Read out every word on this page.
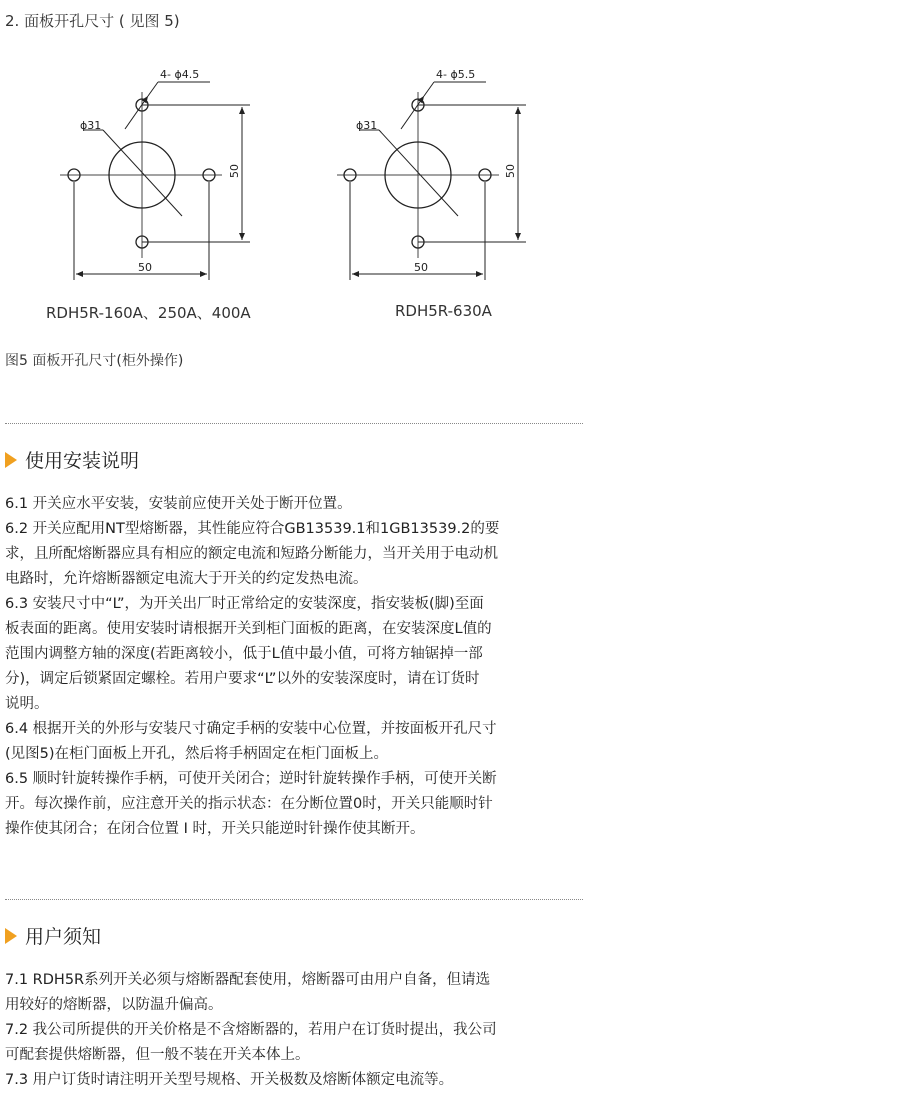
2. 面板开孔尺寸 ( 见图 5)
4- ϕ4.5
ϕ31
50
50
4- ϕ5.5
ϕ31
50
50
RDH5R-160A、250A、400A	RDH5R-630A
图5 面板开孔尺寸(柜外操作)
使用安装说明
6.1 开关应水平安装，安装前应使开关处于断开位置。
6.2 开关应配用NT型熔断器，其性能应符合GB13539.1和1GB13539.2的要
求，且所配熔断器应具有相应的额定电流和短路分断能力，当开关用于电动机
电路时，允许熔断器额定电流大于开关的约定发热电流。
6.3 安装尺寸中“L”，为开关出厂时正常给定的安装深度，指安装板(脚)至面
板表面的距离。使用安装时请根据开关到柜门面板的距离，在安装深度L值的
范围内调整方轴的深度(若距离较小，低于L值中最小值，可将方轴锯掉一部
分)，调定后锁紧固定螺栓。若用户要求“L”以外的安装深度时，请在订货时
说明。
6.4 根据开关的外形与安装尺寸确定手柄的安装中心位置，并按面板开孔尺寸
(见图5)在柜门面板上开孔，然后将手柄固定在柜门面板上。
6.5 顺时针旋转操作手柄，可使开关闭合；逆时针旋转操作手柄，可使开关断
开。每次操作前，应注意开关的指示状态：在分断位置0时，开关只能顺时针
操作使其闭合；在闭合位置 I 时，开关只能逆时针操作使其断开。
用户须知
7.1 RDH5R系列开关必须与熔断器配套使用，熔断器可由用户自备，但请选
用较好的熔断器，以防温升偏高。
7.2 我公司所提供的开关价格是不含熔断器的，若用户在订货时提出，我公司
可配套提供熔断器，但一般不装在开关本体上。
7.3 用户订货时请注明开关型号规格、开关极数及熔断体额定电流等。
